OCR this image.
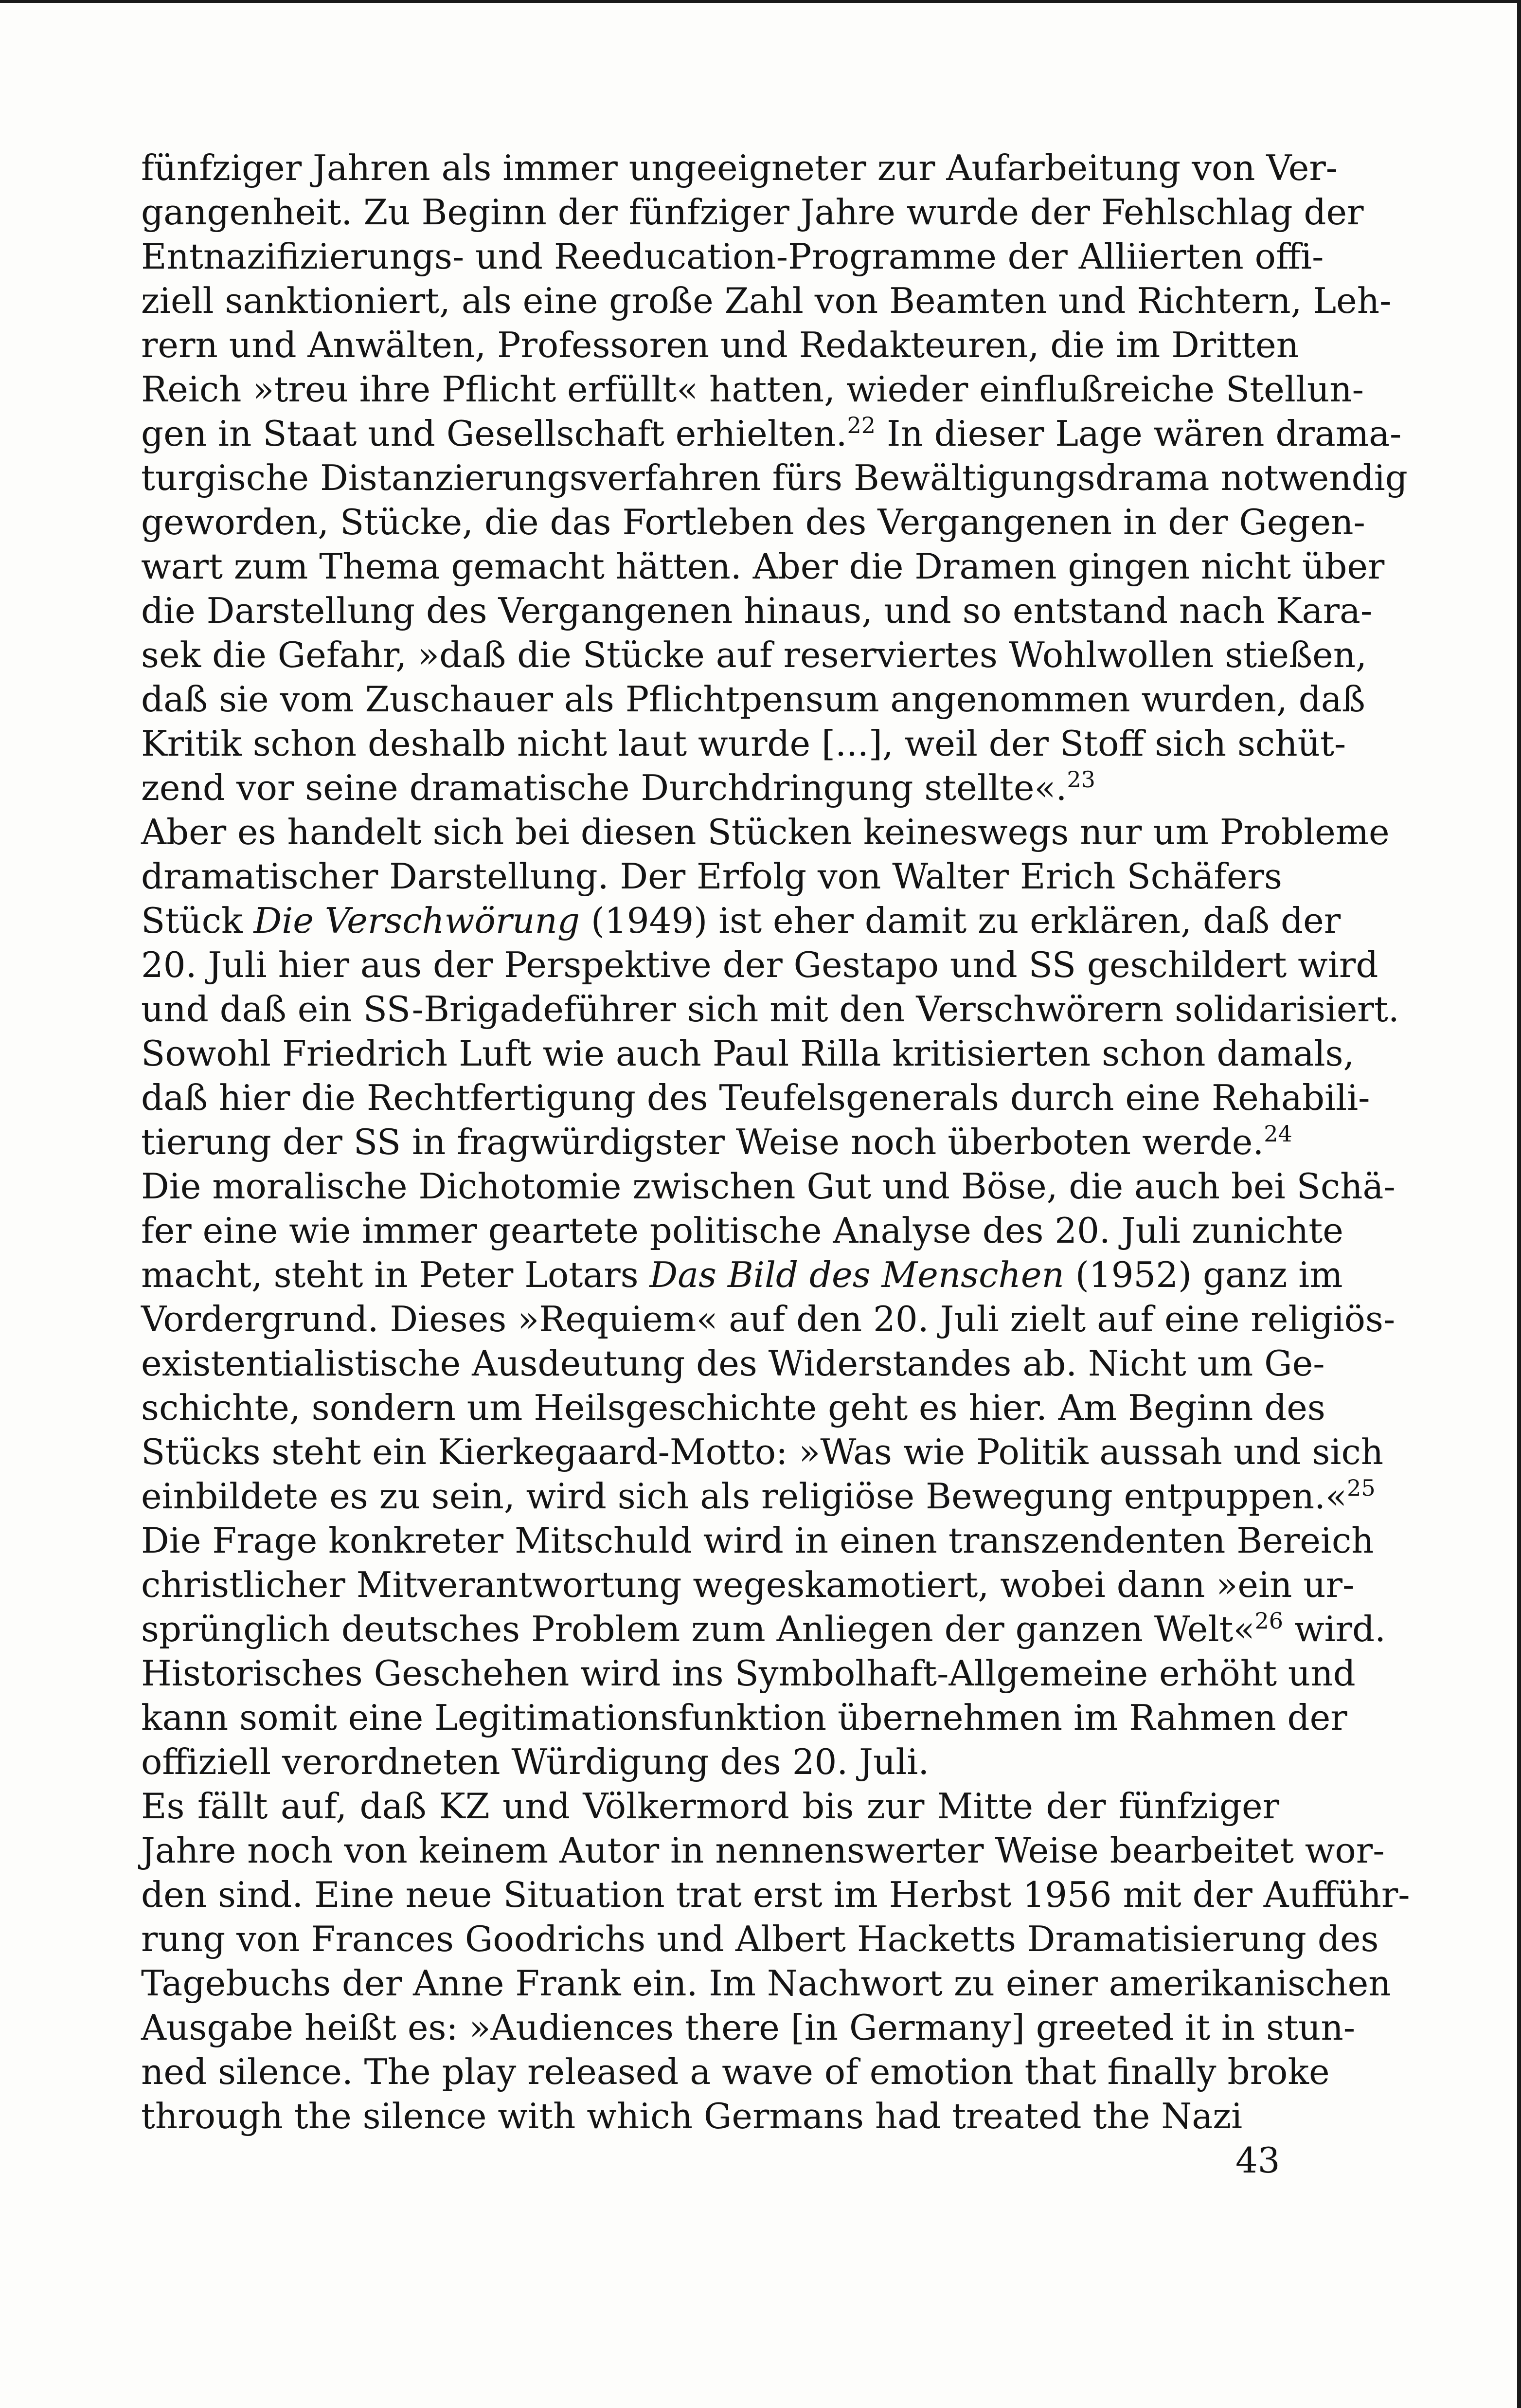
fünfziger Jahren als immer ungeeigneter zur Aufarbeitung von Ver-
gangenheit. Zu Beginn der fünfziger Jahre wurde der Fehlschlag der
Entnazifizierungs- und Reeducation-Programme der Alliierten offi-
ziell sanktioniert, als eine große Zahl von Beamten und Richtern, Leh-
rern und Anwälten, Professoren und Redakteuren, die im Dritten
Reich »treu ihre Pflicht erfüllt« hatten, wieder einflußreiche Stellun-
gen in Staat und Gesellschaft erhielten.$^{22}$ In dieser Lage wären drama-
turgische Distanzierungsverfahren fürs Bewältigungsdrama notwendig
geworden, Stücke, die das Fortleben des Vergangenen in der Gegen-
wart zum Thema gemacht hätten. Aber die Dramen gingen nicht über
die Darstellung des Vergangenen hinaus, und so entstand nach Kara-
sek die Gefahr, »daß die Stücke auf reserviertes Wohlwollen stießen,
daß sie vom Zuschauer als Pflichtpensum angenommen wurden, daß
Kritik schon deshalb nicht laut wurde [...], weil der Stoff sich schüt-
zend vor seine dramatische Durchdringung stellte«.$^{23}$
Aber es handelt sich bei diesen Stücken keineswegs nur um Probleme
dramatischer Darstellung. Der Erfolg von Walter Erich Schäfers
Stück Die Verschwörung (1949) ist eher damit zu erklären, daß der
20. Juli hier aus der Perspektive der Gestapo und SS geschildert wird
und daß ein SS-Brigadeführer sich mit den Verschwörern solidarisiert.
Sowohl Friedrich Luft wie auch Paul Rilla kritisierten schon damals,
daß hier die Rechtfertigung des Teufelsgenerals durch eine Rehabili-
tierung der SS in fragwürdigster Weise noch überboten werde.$^{24}$
Die moralische Dichotomie zwischen Gut und Böse, die auch bei Schä-
fer eine wie immer geartete politische Analyse des 20. Juli zunichte
macht, steht in Peter Lotars Das Bild des Menschen (1952) ganz im
Vordergrund. Dieses »Requiem« auf den 20. Juli zielt auf eine religiös-
existentialistische Ausdeutung des Widerstandes ab. Nicht um Ge-
schichte, sondern um Heilsgeschichte geht es hier. Am Beginn des
Stücks steht ein Kierkegaard-Motto: »Was wie Politik aussah und sich
einbildete es zu sein, wird sich als religiöse Bewegung entpuppen.«$^{25}$
Die Frage konkreter Mitschuld wird in einen transzendenten Bereich
christlicher Mitverantwortung wegeskamotiert, wobei dann »ein ur-
sprünglich deutsches Problem zum Anliegen der ganzen Welt«$^{26}$ wird.
Historisches Geschehen wird ins Symbolhaft-Allgemeine erhöht und
kann somit eine Legitimationsfunktion übernehmen im Rahmen der
offiziell verordneten Würdigung des 20. Juli.
Es fällt auf, daß KZ und Völkermord bis zur Mitte der fünfziger
Jahre noch von keinem Autor in nennenswerter Weise bearbeitet wor-
den sind. Eine neue Situation trat erst im Herbst 1956 mit der Aufführ-
rung von Frances Goodrichs und Albert Hacketts Dramatisierung des
Tagebuchs der Anne Frank ein. Im Nachwort zu einer amerikanischen
Ausgabe heißt es: »Audiences there [in Germany] greeted it in stun-
ned silence. The play released a wave of emotion that finally broke
through the silence with which Germans had treated the Nazi
43
